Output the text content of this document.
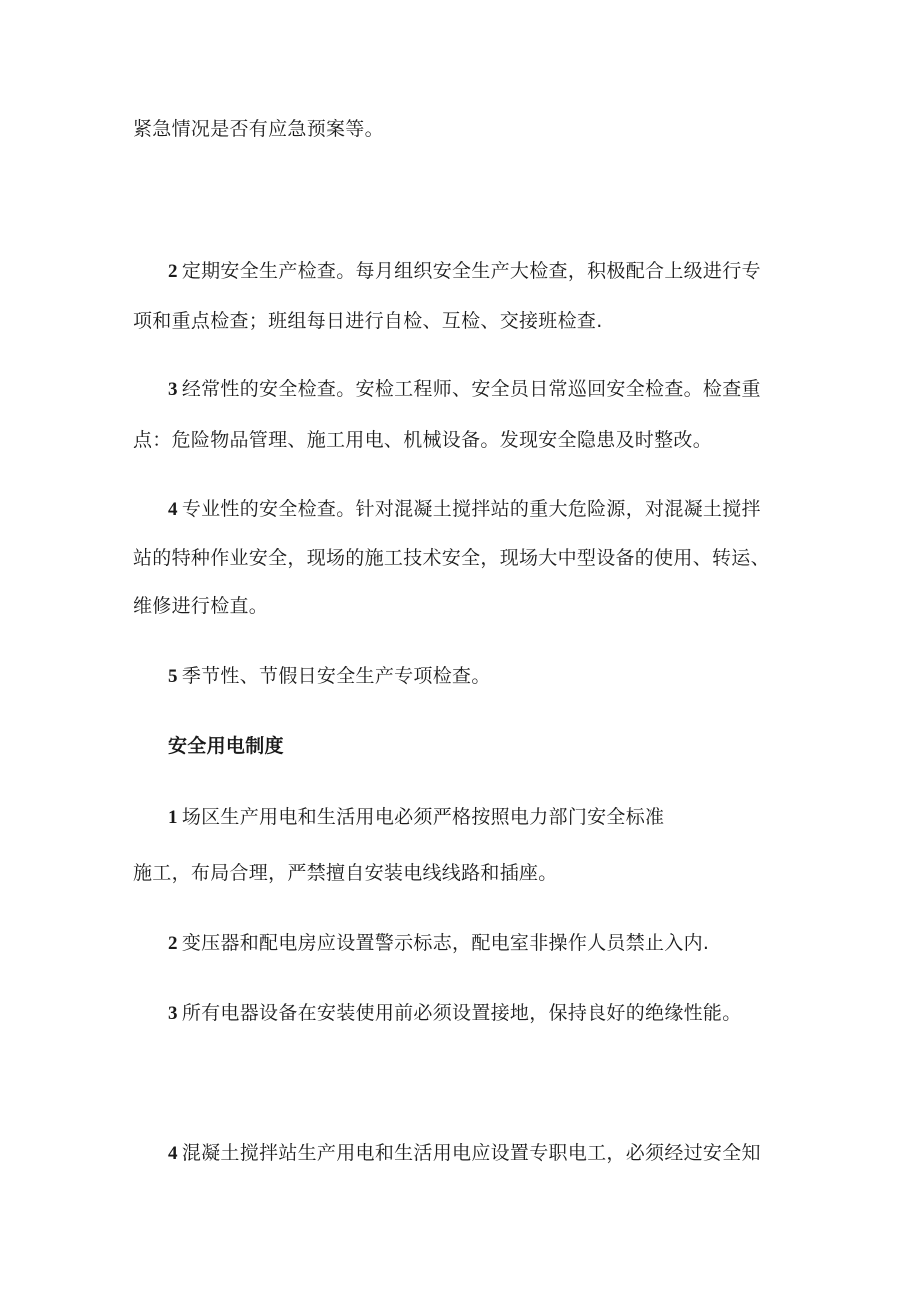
紧急情况是否有应急预案等。
2 定期安全生产检查。每月组织安全生产大检查，积极配合上级进行专
项和重点检查；班组每日进行自检、互检、交接班检查.
3 经常性的安全检查。安检工程师、安全员日常巡回安全检查。检查重
点：危险物品管理、施工用电、机械设备。发现安全隐患及时整改。
4 专业性的安全检查。针对混凝土搅拌站的重大危险源，对混凝土搅拌
站的特种作业安全，现场的施工技术安全，现场大中型设备的使用、转运、
维修进行检直。
5 季节性、节假日安全生产专项检查。
安全用电制度
1 场区生产用电和生活用电必须严格按照电力部门安全标准
施工，布局合理，严禁擅自安装电线线路和插座。
2 变压器和配电房应设置警示标志，配电室非操作人员禁止入内.
3 所有电器设备在安装使用前必须设置接地，保持良好的绝缘性能。
4 混凝土搅拌站生产用电和生活用电应设置专职电工，必须经过安全知
